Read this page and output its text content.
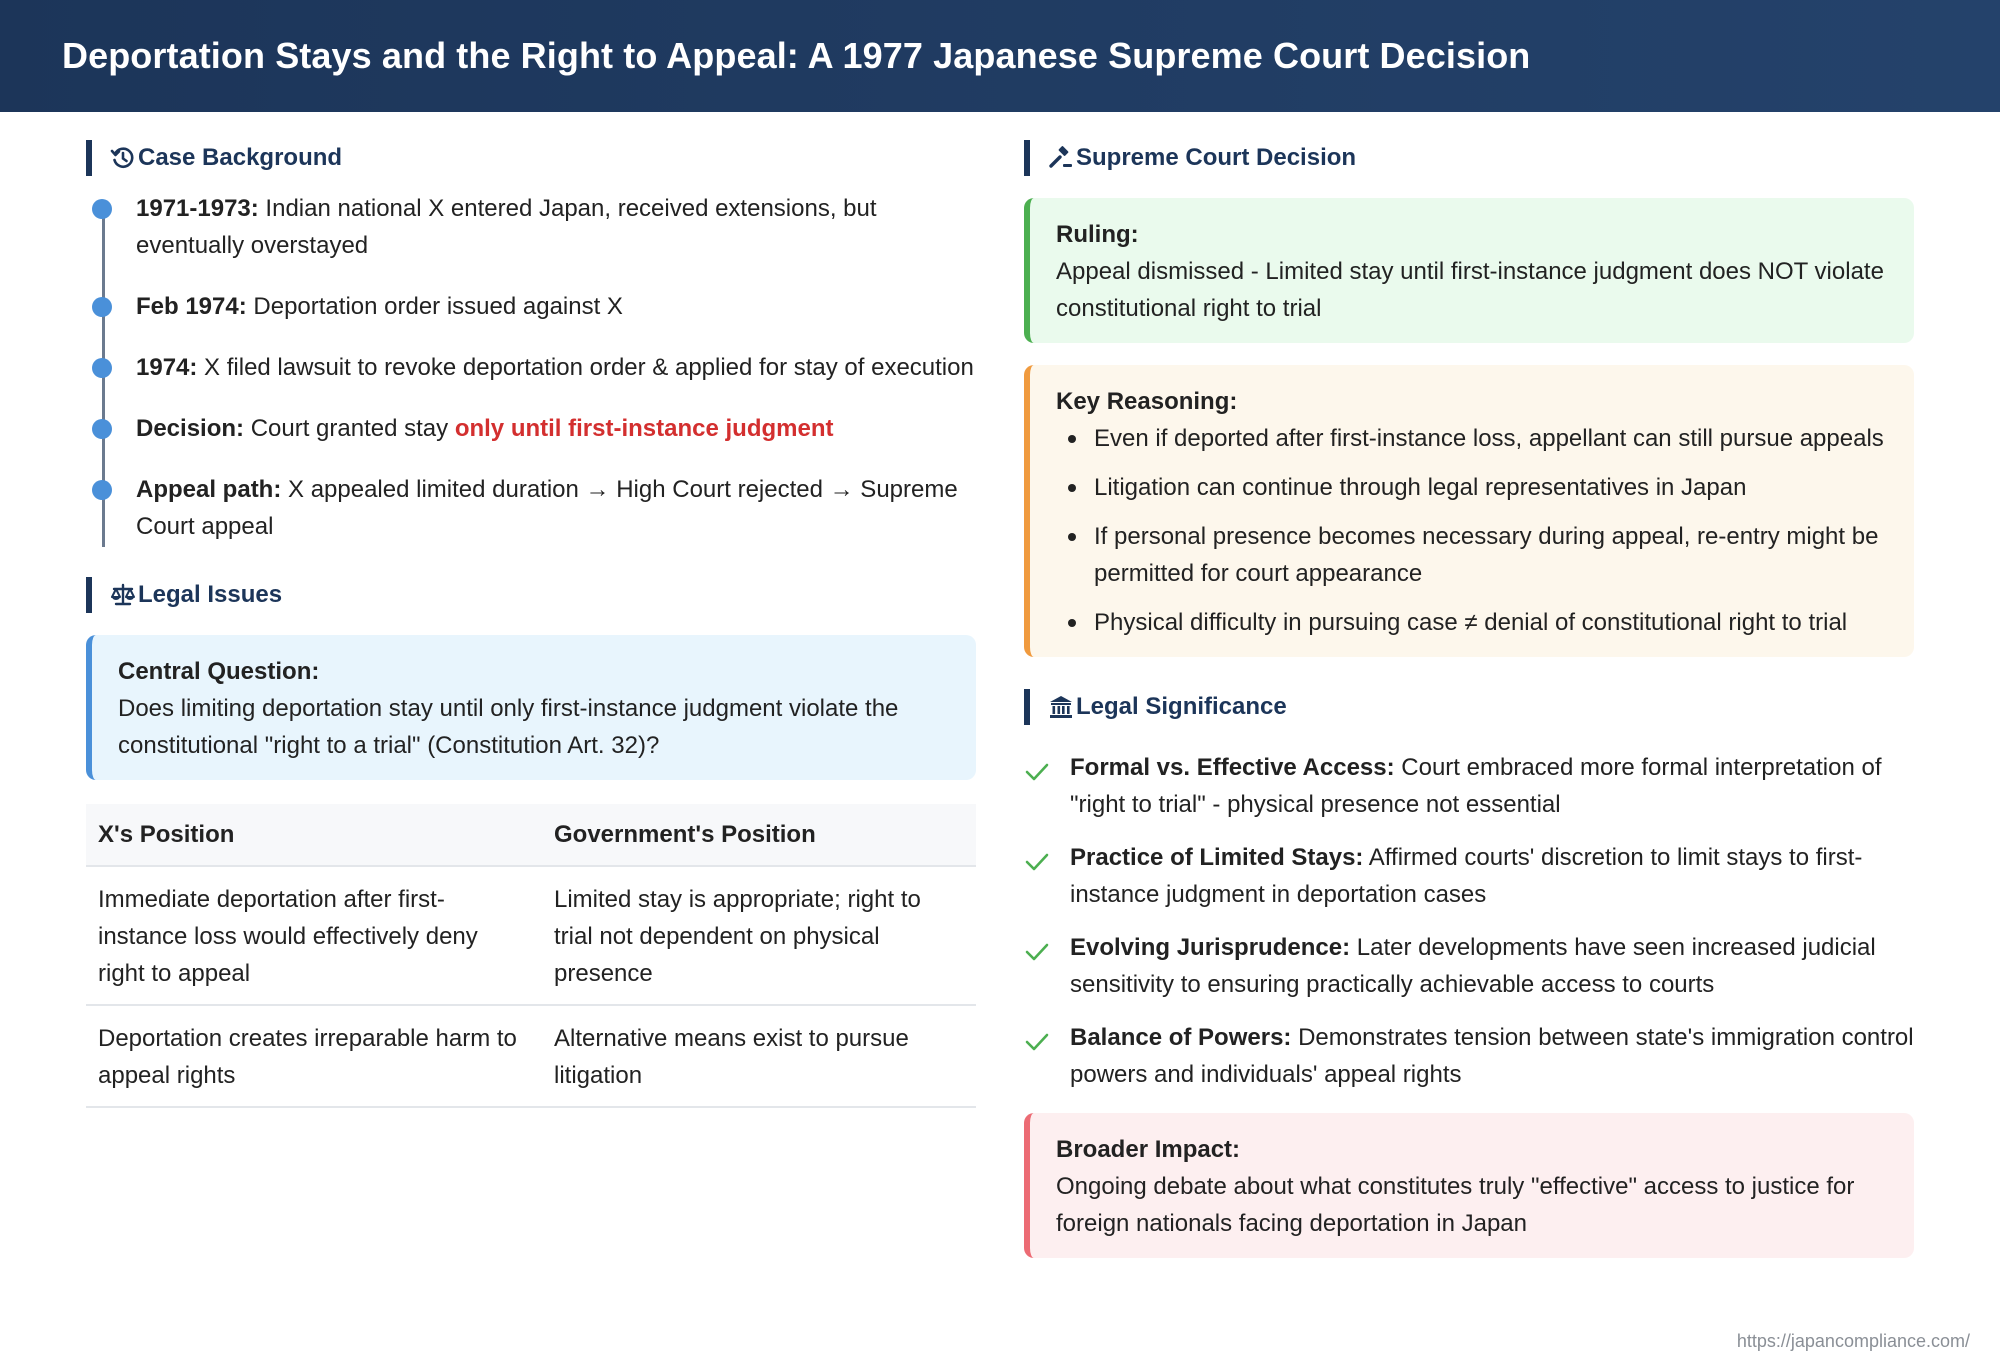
Deportation Stays and the Right to Appeal: A 1977 Japanese Supreme Court Decision
Case Background
1971-1973: Indian national X entered Japan, received extensions, but eventually overstayed
Feb 1974: Deportation order issued against X
1974: X filed lawsuit to revoke deportation order & applied for stay of execution
Decision: Court granted stay only until first-instance judgment
Appeal path: X appealed limited duration → High Court rejected → Supreme Court appeal
Legal Issues
Central Question:
Does limiting deportation stay until only first-instance judgment violate the constitutional "right to a trial" (Constitution Art. 32)?
X's Position	Government's Position
Immediate deportation after first-instance loss would effectively deny right to appeal	Limited stay is appropriate; right to trial not dependent on physical presence
Deportation creates irreparable harm to appeal rights	Alternative means exist to pursue litigation
Supreme Court Decision
Ruling:
Appeal dismissed - Limited stay until first-instance judgment does NOT violate constitutional right to trial
Key Reasoning:
Even if deported after first-instance loss, appellant can still pursue appeals
Litigation can continue through legal representatives in Japan
If personal presence becomes necessary during appeal, re-entry might be permitted for court appearance
Physical difficulty in pursuing case ≠ denial of constitutional right to trial
Legal Significance
Formal vs. Effective Access: Court embraced more formal interpretation of "right to trial" - physical presence not essential
Practice of Limited Stays: Affirmed courts' discretion to limit stays to first-instance judgment in deportation cases
Evolving Jurisprudence: Later developments have seen increased judicial sensitivity to ensuring practically achievable access to courts
Balance of Powers: Demonstrates tension between state's immigration control powers and individuals' appeal rights
Broader Impact:
Ongoing debate about what constitutes truly "effective" access to justice for foreign nationals facing deportation in Japan
https://japancompliance.com/
